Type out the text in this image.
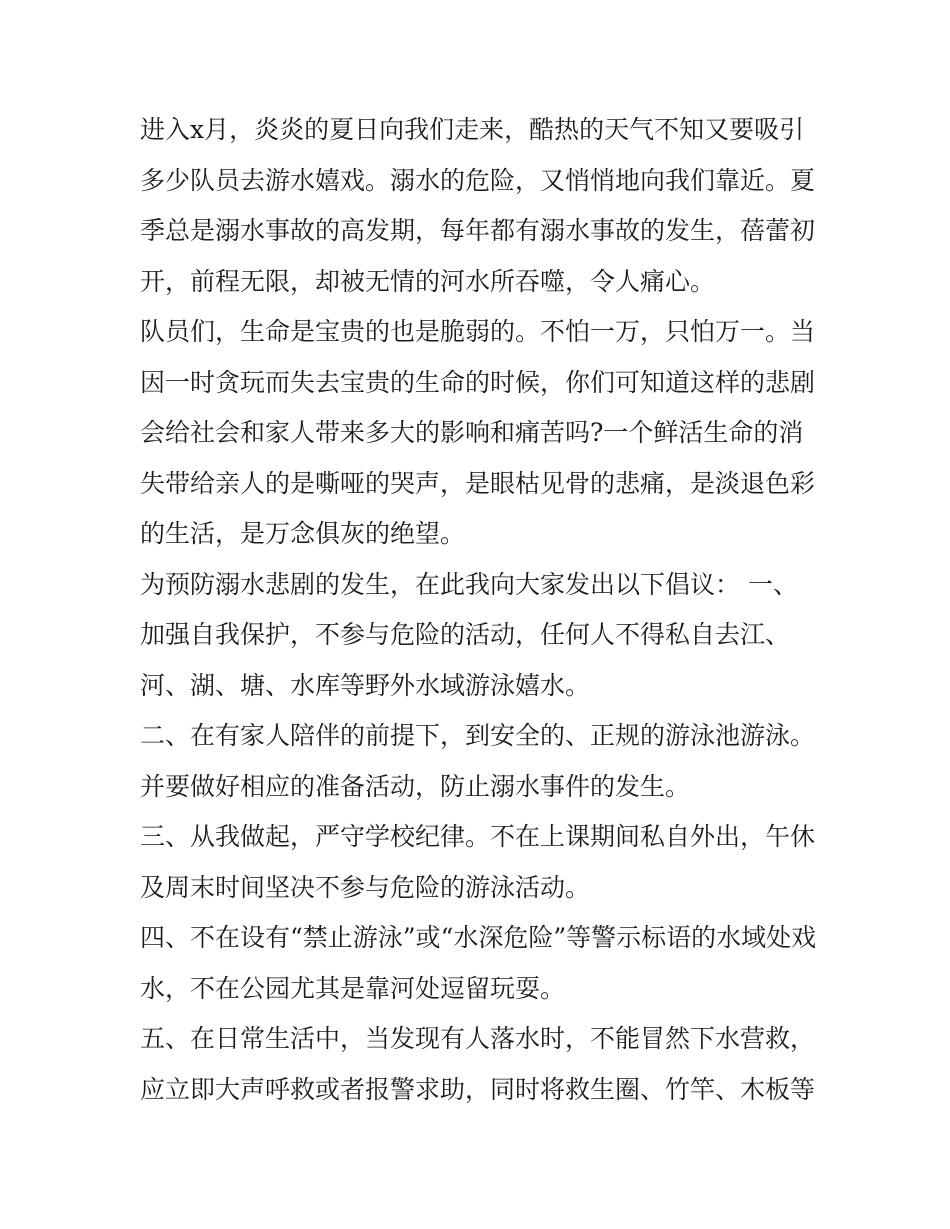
进入x月，炎炎的夏日向我们走来，酷热的天气不知又要吸引
多少队员去游水嬉戏。溺水的危险，又悄悄地向我们靠近。夏
季总是溺水事故的高发期，每年都有溺水事故的发生，蓓蕾初
开，前程无限，却被无情的河水所吞噬，令人痛心。
队员们，生命是宝贵的也是脆弱的。不怕一万，只怕万一。当
因一时贪玩而失去宝贵的生命的时候，你们可知道这样的悲剧
会给社会和家人带来多大的影响和痛苦吗?一个鲜活生命的消
失带给亲人的是嘶哑的哭声，是眼枯见骨的悲痛，是淡退色彩
的生活，是万念俱灰的绝望。
为预防溺水悲剧的发生，在此我向大家发出以下倡议： 一、
加强自我保护，不参与危险的活动，任何人不得私自去江、
河、湖、塘、水库等野外水域游泳嬉水。
二、在有家人陪伴的前提下，到安全的、正规的游泳池游泳。
并要做好相应的准备活动，防止溺水事件的发生。
三、从我做起，严守学校纪律。不在上课期间私自外出，午休
及周末时间坚决不参与危险的游泳活动。
四、不在设有“禁止游泳”或“水深危险”等警示标语的水域处戏
水，不在公园尤其是靠河处逗留玩耍。
五、在日常生活中，当发现有人落水时，不能冒然下水营救，
应立即大声呼救或者报警求助，同时将救生圈、竹竿、木板等
